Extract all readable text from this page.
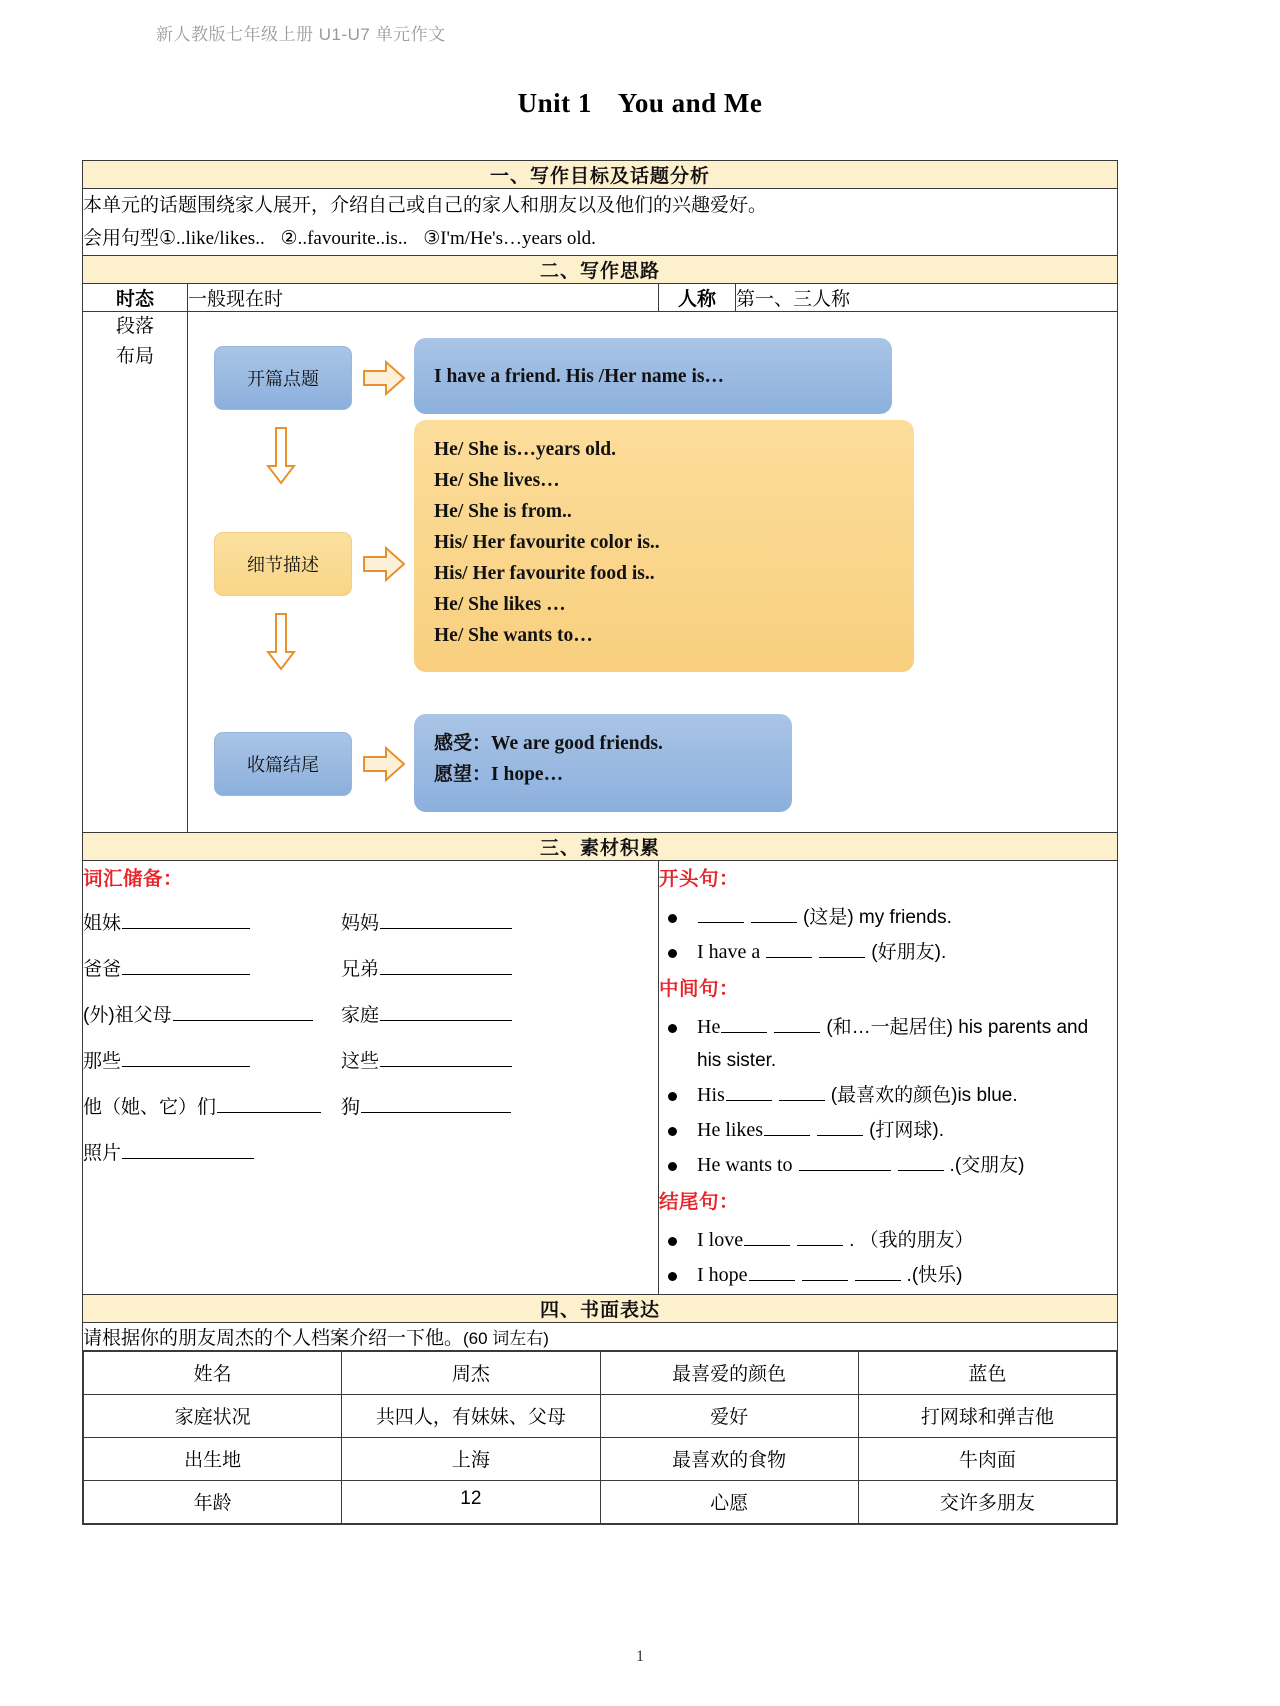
新人教版七年级上册 U1-U7 单元作文
Unit 1 You and Me
一、写作目标及话题分析

本单元的话题围绕家人展开，介绍自己或自己的家人和朋友以及他们的兴趣爱好。
会用句型①..like/likes.. ②..favourite..is.. ③I'm/He's…years old.

二、写作思路
时态	一般现在时	人称	第一、三人称

段落
布局

开篇点题	I have a friend. His /Her name is…
细节描述
He/ She is…years old.
He/ She lives…
He/ She is from..
His/ Her favourite color is..
His/ Her favourite food is..
He/ She likes …
He/ She wants to…
收篇结尾
感受：We are good friends.
愿望：I hope…

三、素材积累

词汇储备：
姐妹	妈妈
爸爸	兄弟
(外)祖父母	家庭
那些	这些
他（她、它）们	狗
照片

开头句：
(这是) my friends.
I have a	(好朋友).
中间句：
He	(和…一起居住) his parents and his sister.
His	(最喜欢的颜色)is blue.
He likes	(打网球).
He wants to	.(交朋友)
结尾句：
I love	. （我的朋友）
I hope	.(快乐)

四、书面表达
请根据你的朋友周杰的个人档案介绍一下他。(60 词左右)

姓名	周杰	最喜爱的颜色	蓝色
家庭状况	共四人，有妹妹、父母	爱好	打网球和弹吉他
出生地	上海	最喜欢的食物	牛肉面
年龄	12	心愿	交许多朋友
1
